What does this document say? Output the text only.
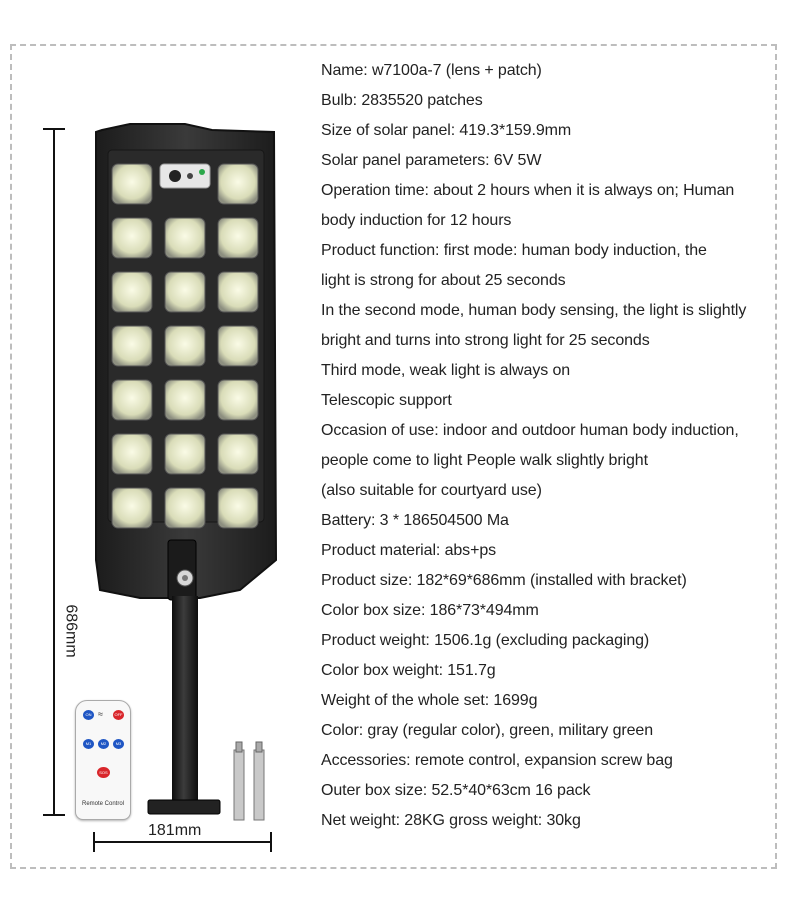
Name: w7100a-7 (lens + patch)
Bulb: 2835520 patches
Size of solar panel: 419.3*159.9mm
Solar panel parameters: 6V 5W
Operation time: about 2 hours when it is always on; Human
body induction for 12 hours
Product function: first mode: human body induction, the
light is strong for about 25 seconds
In the second mode, human body sensing, the light is slightly
bright and turns into strong light for 25 seconds
Third mode, weak light is always on
Telescopic support
Occasion of use: indoor and outdoor human body induction,
people come to light People walk slightly bright
(also suitable for courtyard use)
Battery: 3 * 186504500 Ma
Product material: abs+ps
Product size: 182*69*686mm (installed with bracket)
Color box size: 186*73*494mm
Product weight: 1506.1g (excluding packaging)
Color box weight: 151.7g
Weight of the whole set: 1699g
Color: gray (regular color), green, military green
Accessories: remote control, expansion screw bag
Outer box size: 52.5*40*63cm 16 pack
Net weight: 28KG gross weight: 30kg
686mm
181mm
ON ≈	OFF
M1	M2	M3
SOS
Remote Control
